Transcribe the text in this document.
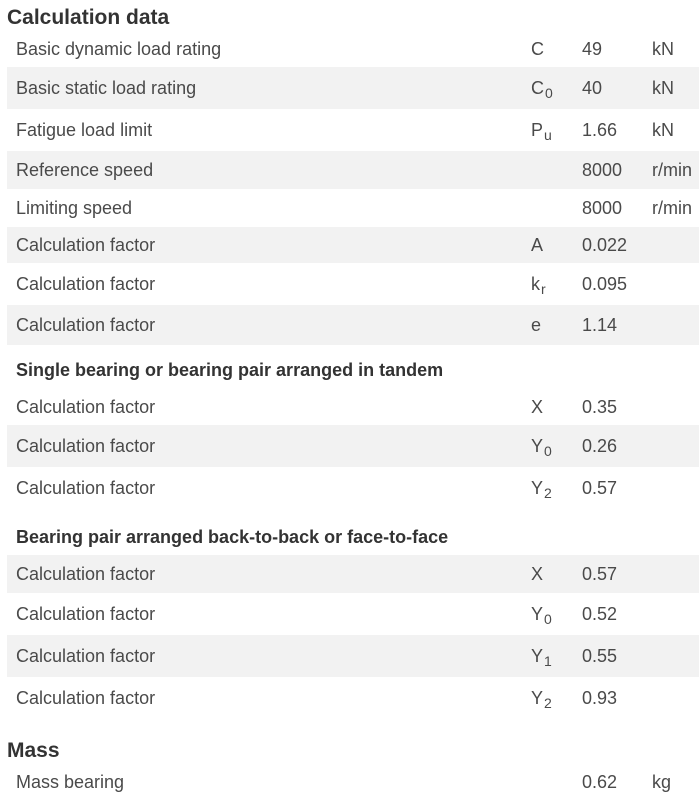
Calculation data
Basic dynamic load rating	C 49	kN
Basic static load rating	C 0 40	kN
Fatigue load limit	P u 1.66 kN
Reference speed	8000 r/min
Limiting speed	8000 r/min
Calculation factor	A 0.022
Calculation factor	k r 0.095
Calculation factor	e 1.14
Single bearing or bearing pair arranged in tandem
Calculation factor	X 0.35
Calculation factor	Y 0 0.26
Calculation factor	Y 2 0.57
Bearing pair arranged back-to-back or face-to-face
Calculation factor	X 0.57
Calculation factor	Y 0 0.52
Calculation factor	Y 1 0.55
Calculation factor	Y 2 0.93
Mass
Mass bearing	0.62 kg
